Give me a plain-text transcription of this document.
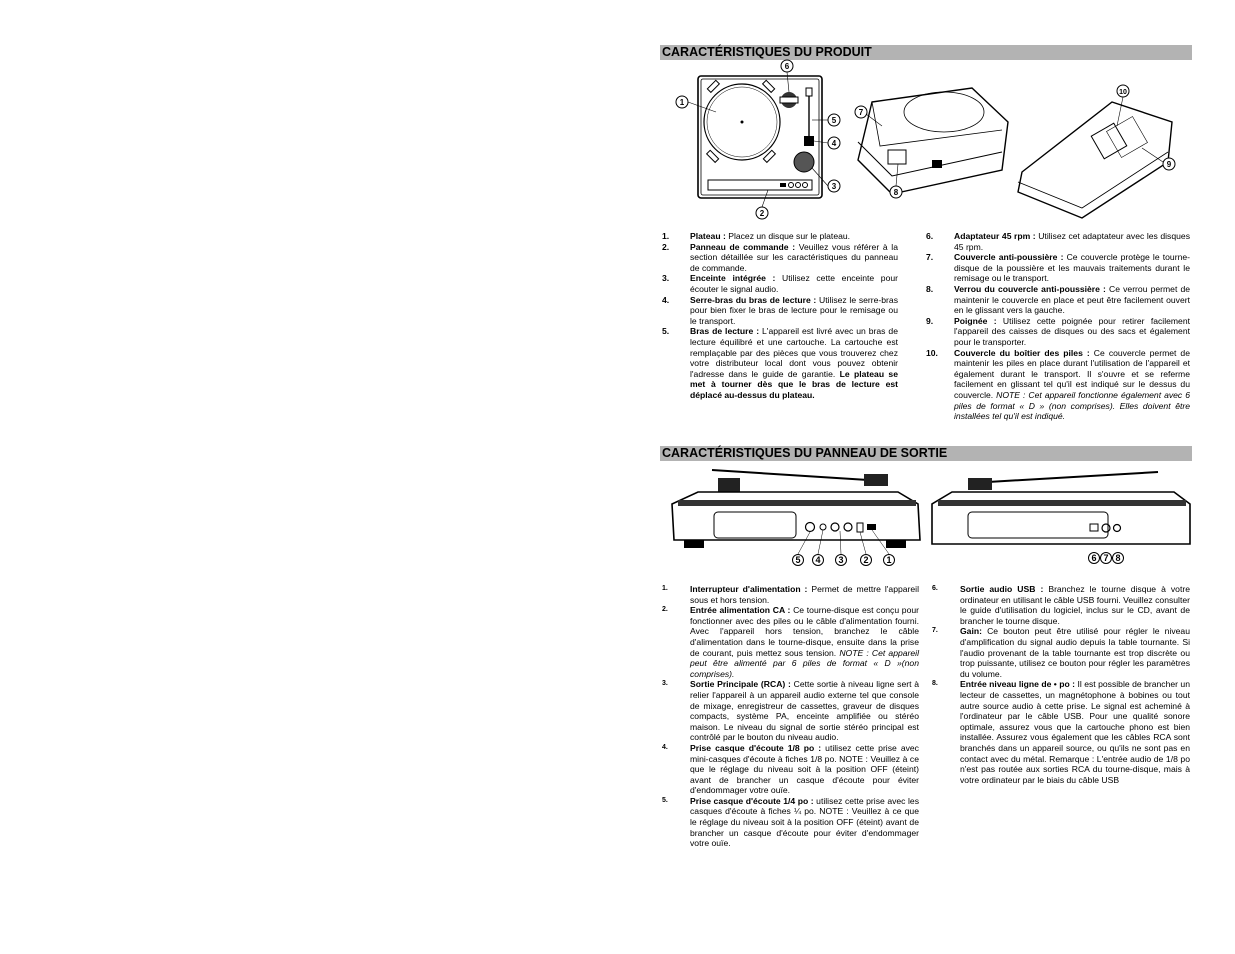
CARACTÉRISTIQUES DU PRODUIT
CARACTÉRISTIQUES DU PANNEAU DE SORTIE
1
2
3
4
5
6
7
8
10
9
1.	Plateau : Placez un disque sur le plateau.
2.	Panneau de commande : Veuillez vous référer à la section détaillée sur les caractéristiques du panneau de commande.
3.	Enceinte intégrée : Utilisez cette enceinte pour écouter le signal audio.
4.	Serre-bras du bras de lecture : Utilisez le serre-bras pour bien fixer le bras de lecture pour le remisage ou le transport.
5.	Bras de lecture : L'appareil est livré avec un bras de lecture équilibré et une cartouche. La cartouche est remplaçable par des pièces que vous trouverez chez votre distributeur local dont vous pouvez obtenir l'adresse dans le guide de garantie. Le plateau se met à tourner dès que le bras de lecture est déplacé au-dessus du plateau.
6.	Adaptateur 45 rpm : Utilisez cet adaptateur avec les disques 45 rpm.
7.	Couvercle anti-poussière : Ce couvercle protège le tourne-disque de la poussière et les mauvais traitements durant le remisage ou le transport.
8.	Verrou du couvercle anti-poussière : Ce verrou permet de maintenir le couvercle en place et peut être facilement ouvert en le glissant vers la gauche.
9.	Poignée : Utilisez cette poignée pour retirer facilement l'appareil des caisses de disques ou des sacs et également pour le transporter.
10.	Couvercle du boîtier des piles : Ce couvercle permet de maintenir les piles en place durant l'utilisation de l'appareil et également durant le transport. Il s'ouvre et se referme facilement en glissant tel qu'il est indiqué sur le dessus du couvercle. NOTE : Cet appareil fonctionne également avec 6 piles de format « D » (non comprises). Elles doivent être installées tel qu'il est indiqué.
5 4 3 2 1	6 7 8
1.	Interrupteur d'alimentation : Permet de mettre l'appareil sous et hors tension.
2.	Entrée alimentation CA : Ce tourne-disque est conçu pour fonctionner avec des piles ou le câble d'alimentation fourni. Avec l'appareil hors tension, branchez le câble d'alimentation dans le tourne-disque, ensuite dans la prise de courant, puis mettez sous tension. NOTE : Cet appareil peut être alimenté par 6 piles de format « D »(non comprises).
3.	Sortie Principale (RCA) : Cette sortie à niveau ligne sert à relier l'appareil à un appareil audio externe tel que console de mixage, enregistreur de cassettes, graveur de disques compacts, système PA, enceinte amplifiée ou stéréo maison. Le niveau du signal de sortie stéréo principal est contrôlé par le bouton du niveau audio.
4.	Prise casque d'écoute 1/8 po : utilisez cette prise avec mini-casques d'écoute à fiches 1/8 po. NOTE : Veuillez à ce que le réglage du niveau soit à la position OFF (éteint) avant de brancher un casque d'écoute pour éviter d'endommager votre ouïe.
5.	Prise casque d'écoute 1/4 po : utilisez cette prise avec les casques d'écoute à fiches ¼ po. NOTE : Veuillez à ce que le réglage du niveau soit à la position OFF (éteint) avant de brancher un casque d'écoute pour éviter d'endommager votre ouïe.
6.	Sortie audio USB : Branchez le tourne disque à votre ordinateur en utilisant le câble USB fourni. Veuillez consulter le guide d'utilisation du logiciel, inclus sur le CD, avant de brancher le tourne disque.
7.	Gain: Ce bouton peut être utilisé pour régler le niveau d'amplification du signal audio depuis la table tournante. Si l'audio provenant de la table tournante est trop discrète ou trop puissante, utilisez ce bouton pour régler les paramètres du volume.
8.	Entrée niveau ligne de • po : Il est possible de brancher un lecteur de cassettes, un magnétophone à bobines ou tout autre source audio à cette prise. Le signal est acheminé à l'ordinateur par le câble USB. Pour une qualité sonore optimale, assurez vous que la cartouche phono est bien installée. Assurez vous également que les câbles RCA sont branchés dans un appareil source, ou qu'ils ne sont pas en contact avec du métal. Remarque : L'entrée audio de 1/8 po n'est pas routée aux sorties RCA du tourne-disque, mais à votre ordinateur par le biais du câble USB
